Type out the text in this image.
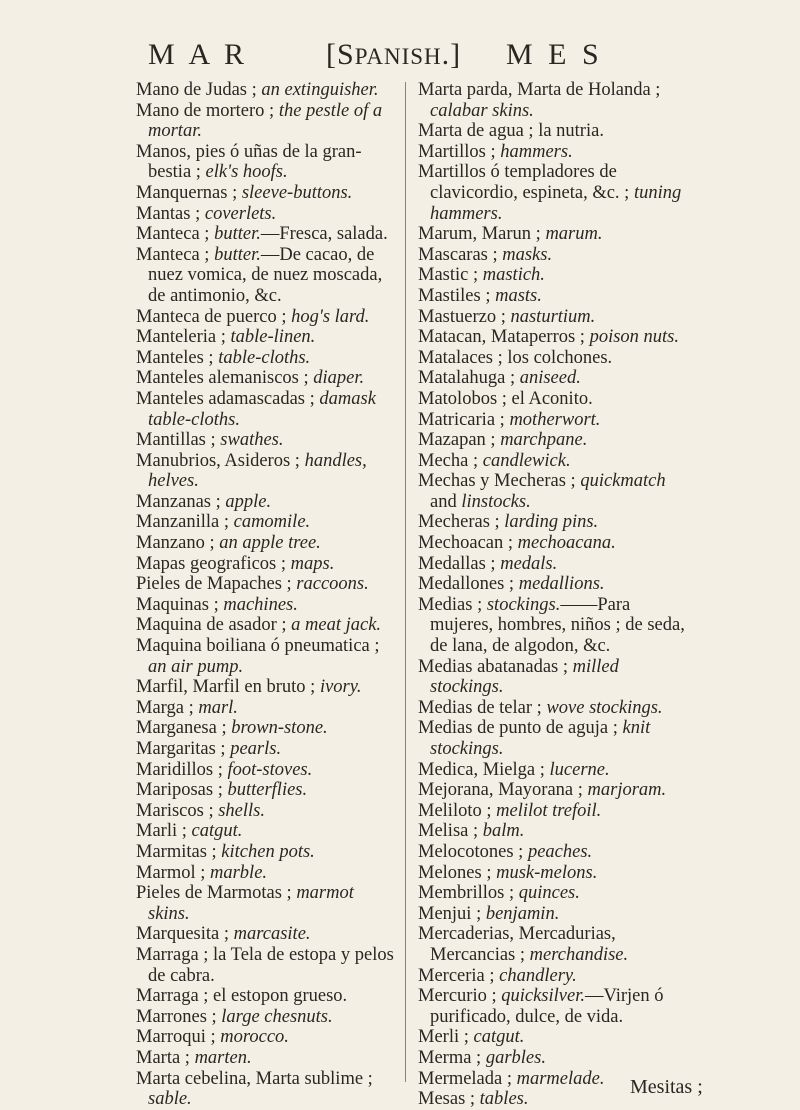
M A R	[SPANISH.] M E S
Mano de Judas ; an extinguisher.
Mano de mortero ; the pestle of a mortar.
Manos, pies ó uñas de la gran-bestia ; elk's hoofs.
Manquernas ; sleeve-buttons.
Mantas ; coverlets.
Manteca ; butter.—Fresca, salada.
Manteca ; butter.—De cacao, de nuez vomica, de nuez moscada, de antimonio, &c.
Manteca de puerco ; hog's lard.
Manteleria ; table-linen.
Manteles ; table-cloths.
Manteles alemaniscos ; diaper.
Manteles adamascadas ; damask table-cloths.
Mantillas ; swathes.
Manubrios, Asideros ; handles, helves.
Manzanas ; apple.
Manzanilla ; camomile.
Manzano ; an apple tree.
Mapas geograficos ; maps.
Pieles de Mapaches ; raccoons.
Maquinas ; machines.
Maquina de asador ; a meat jack.
Maquina boiliana ó pneumatica ; an air pump.
Marfil, Marfil en bruto ; ivory.
Marga ; marl.
Marganesa ; brown-stone.
Margaritas ; pearls.
Maridillos ; foot-stoves.
Mariposas ; butterflies.
Mariscos ; shells.
Marli ; catgut.
Marmitas ; kitchen pots.
Marmol ; marble.
Pieles de Marmotas ; marmot skins.
Marquesita ; marcasite.
Marraga ; la Tela de estopa y pelos de cabra.
Marraga ; el estopon grueso.
Marrones ; large chesnuts.
Marroqui ; morocco.
Marta ; marten.
Marta cebelina, Marta sublime ; sable.
Marta parda, Marta de Holanda ; calabar skins.
Marta de agua ; la nutria.
Martillos ; hammers.
Martillos ó templadores de clavicordio, espineta, &c. ; tuning hammers.
Marum, Marun ; marum.
Mascaras ; masks.
Mastic ; mastich.
Mastiles ; masts.
Mastuerzo ; nasturtium.
Matacan, Mataperros ; poison nuts.
Matalaces ; los colchones.
Matalahuga ; aniseed.
Matolobos ; el Aconito.
Matricaria ; motherwort.
Mazapan ; marchpane.
Mecha ; candlewick.
Mechas y Mecheras ; quickmatch and linstocks.
Mecheras ; larding pins.
Mechoacan ; mechoacana.
Medallas ; medals.
Medallones ; medallions.
Medias ; stockings.——Para mujeres, hombres, niños ; de seda, de lana, de algodon, &c.
Medias abatanadas ; milled stockings.
Medias de telar ; wove stockings.
Medias de punto de aguja ; knit stockings.
Medica, Mielga ; lucerne.
Mejorana, Mayorana ; marjoram.
Meliloto ; melilot trefoil.
Melisa ; balm.
Melocotones ; peaches.
Melones ; musk-melons.
Membrillos ; quinces.
Menjui ; benjamin.
Mercaderias, Mercadurias, Mercancias ; merchandise.
Merceria ; chandlery.
Mercurio ; quicksilver.—Virjen ó purificado, dulce, de vida.
Merli ; catgut.
Merma ; garbles.
Mermelada ; marmelade.
Mesas ; tables.
Mesitas ;
